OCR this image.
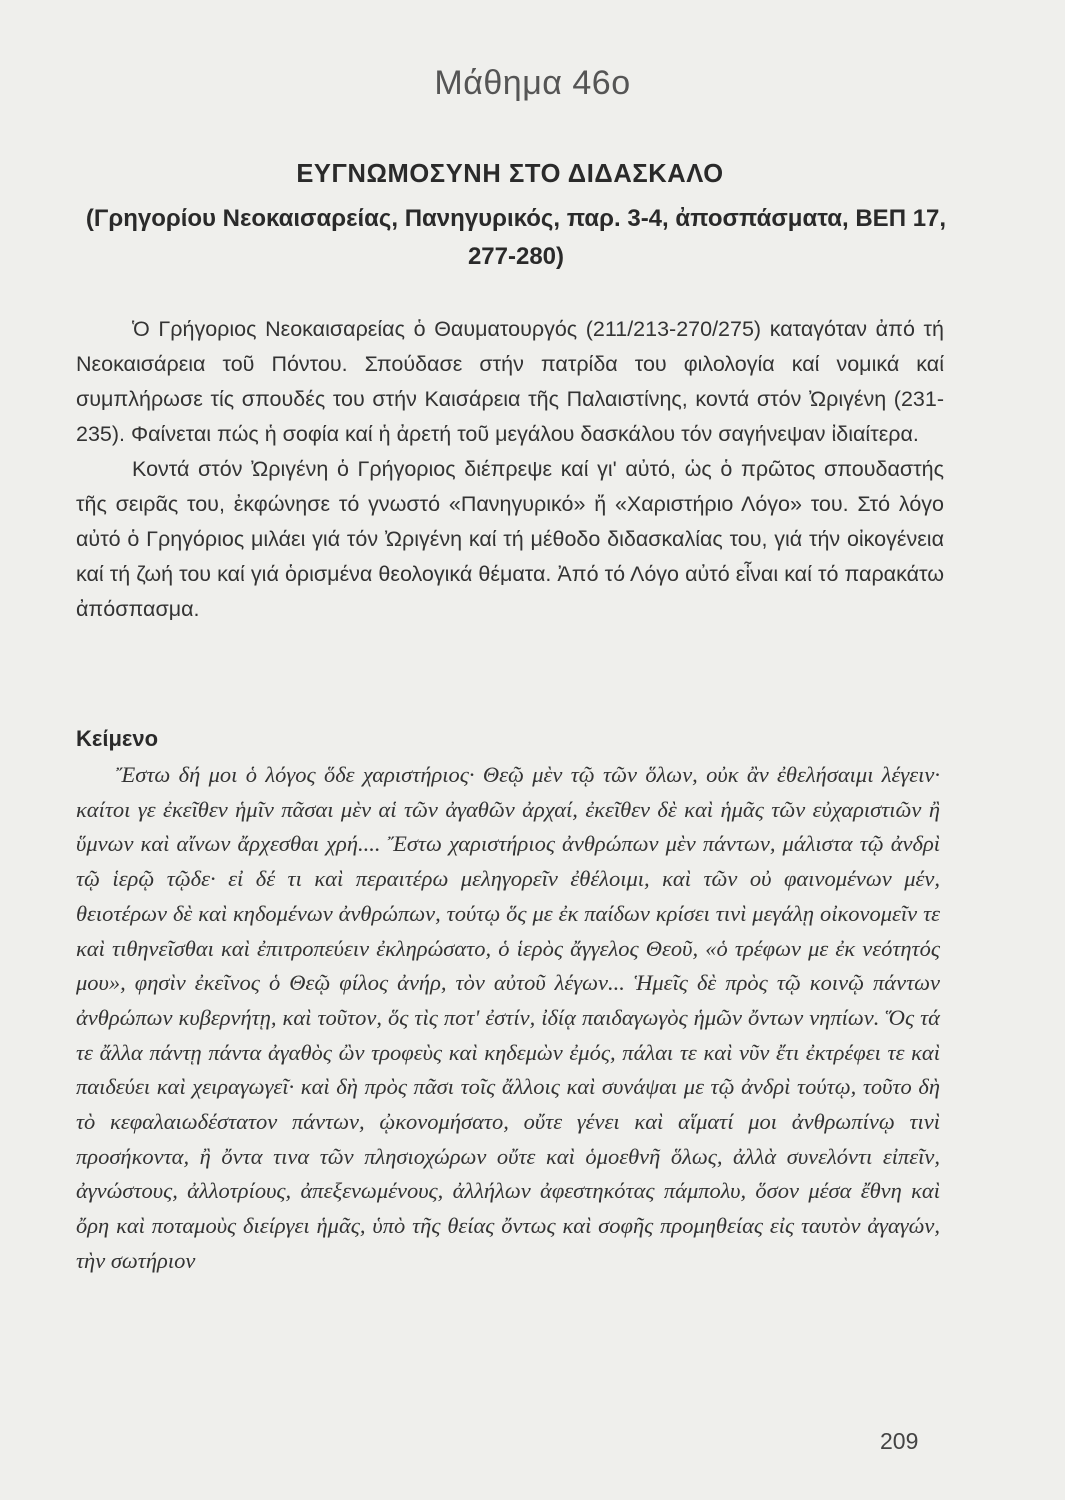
Μάθημα 46ο
ΕΥΓΝΩΜΟΣΥΝΗ ΣΤΟ ΔΙΔΑΣΚΑΛΟ
(Γρηγορίου Νεοκαισαρείας, Πανηγυρικός, παρ. 3-4, ἀποσπάσματα, ΒΕΠ 17, 277-280)

Ὁ Γρήγοριος Νεοκαισαρείας ὁ Θαυματουργός (211/213-270/275) καταγόταν ἀπό τή Νεοκαισάρεια τοῦ Πόντου. Σπούδασε στήν πατρίδα του φιλολογία καί νομικά καί συμπλήρωσε τίς σπουδές του στήν Καισάρεια τῆς Παλαιστίνης, κοντά στόν Ὠριγένη (231-235). Φαίνεται πώς ἡ σοφία καί ἡ ἀρετή τοῦ μεγάλου δασκάλου τόν σαγήνεψαν ἰδιαίτερα.

Κοντά στόν Ὠριγένη ὁ Γρήγοριος διέπρεψε καί γι' αὐτό, ὡς ὁ πρῶτος σπουδαστής τῆς σειρᾶς του, ἐκφώνησε τό γνωστό «Πανηγυρικό» ἤ «Χαριστήριο Λόγο» του. Στό λόγο αὐτό ὁ Γρηγόριος μιλάει γιά τόν Ὠριγένη καί τή μέθοδο διδασκαλίας του, γιά τήν οἰκογένεια καί τή ζωή του καί γιά ὁρισμένα θεολογικά θέματα. Ἀπό τό Λόγο αὐτό εἶναι καί τό παρακάτω ἀπόσπασμα.

Κείμενο

Ἔστω δή μοι ὁ λόγος ὅδε χαριστήριος· Θεῷ μὲν τῷ τῶν ὅλων, οὐκ ἂν ἐθελήσαιμι λέγειν· καίτοι γε ἐκεῖθεν ἡμῖν πᾶσαι μὲν αἱ τῶν ἀγαθῶν ἀρχαί, ἐκεῖθεν δὲ καὶ ἡμᾶς τῶν εὐχαριστιῶν ἢ ὕμνων καὶ αἴνων ἄρχεσθαι χρή.... Ἔστω χαριστήριος ἀνθρώπων μὲν πάντων, μάλιστα τῷ ἀνδρὶ τῷ ἱερῷ τῷδε· εἰ δέ τι καὶ περαιτέρω μεληγορεῖν ἐθέλοιμι, καὶ τῶν οὐ φαινομένων μέν, θειοτέρων δὲ καὶ κηδομένων ἀνθρώπων, τούτῳ ὅς με ἐκ παίδων κρίσει τινὶ μεγάλῃ οἰκονομεῖν τε καὶ τιθηνεῖσθαι καὶ ἐπιτροπεύειν ἐκληρώσατο, ὁ ἱερὸς ἄγγελος Θεοῦ, «ὁ τρέφων με ἐκ νεότητός μου», φησὶν ἐκεῖνος ὁ Θεῷ φίλος ἀνήρ, τὸν αὐτοῦ λέγων... Ἡμεῖς δὲ πρὸς τῷ κοινῷ πάντων ἀνθρώπων κυβερνήτῃ, καὶ τοῦτον, ὅς τὶς ποτ' ἐστίν, ἰδίᾳ παιδαγωγὸς ἡμῶν ὄντων νηπίων. Ὅς τά τε ἄλλα πάντῃ πάντα ἀγαθὸς ὢν τροφεὺς καὶ κηδεμὼν ἐμός, πάλαι τε καὶ νῦν ἔτι ἐκτρέφει τε καὶ παιδεύει καὶ χειραγωγεῖ· καὶ δὴ πρὸς πᾶσι τοῖς ἄλλοις καὶ συνάψαι με τῷ ἀνδρὶ τούτῳ, τοῦτο δὴ τὸ κεφαλαιωδέστατον πάντων, ᾠκονομήσατο, οὔτε γένει καὶ αἵματί μοι ἀνθρωπίνῳ τινὶ προσήκοντα, ἢ ὄντα τινα τῶν πλησιοχώρων οὔτε καὶ ὁμοεθνῆ ὅλως, ἀλλὰ συνελόντι εἰπεῖν, ἀγνώστους, ἀλλοτρίους, ἀπεξενωμένους, ἀλλήλων ἀφεστηκότας πάμπολυ, ὅσον μέσα ἔθνη καὶ ὄρη καὶ ποταμοὺς διείργει ἡμᾶς, ὑπὸ τῆς θείας ὄντως καὶ σοφῆς προμηθείας εἰς ταυτὸν ἀγαγών, τὴν σωτήριον

209
